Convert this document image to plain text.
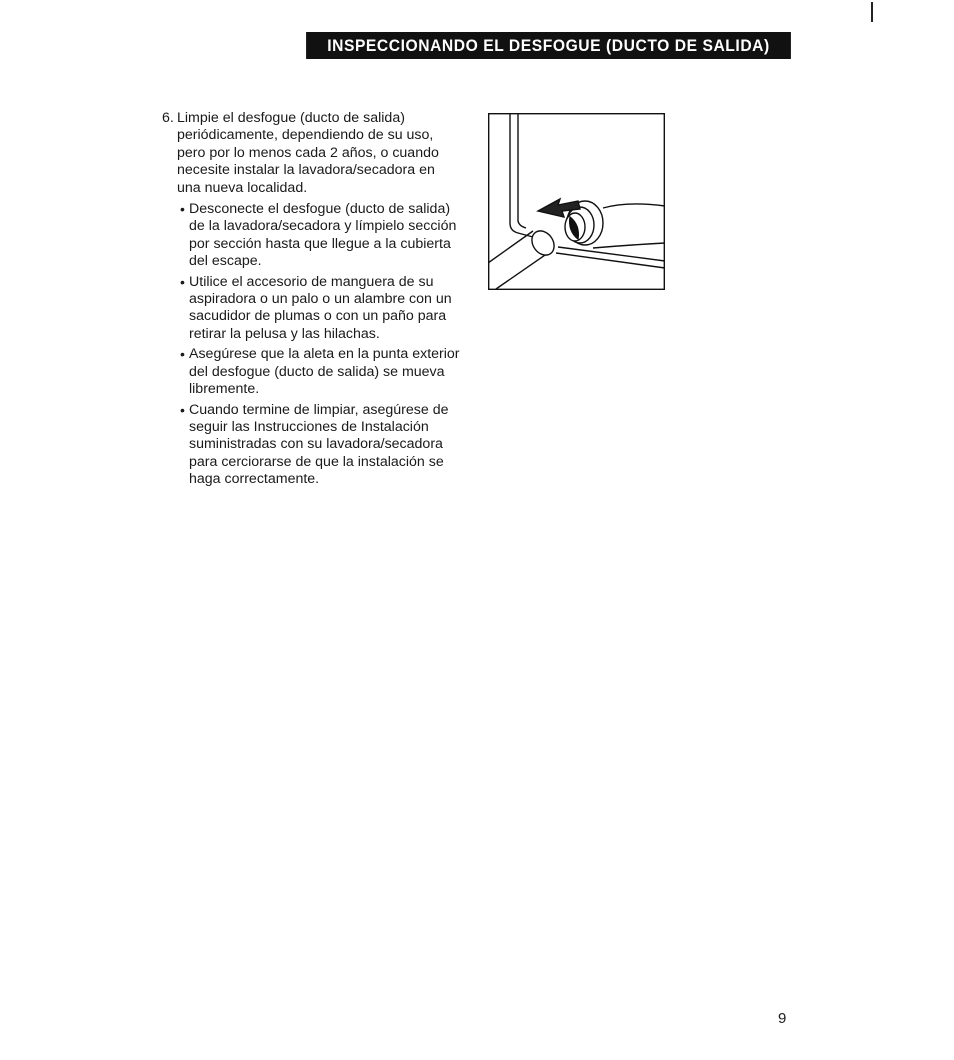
INSPECCIONANDO EL DESFOGUE (DUCTO DE SALIDA)
6. Limpie el desfogue (ducto de salida) periódicamente, dependiendo de su uso, pero por lo menos cada 2 años, o cuando necesite instalar la lavadora/secadora en una nueva localidad.
• Desconecte el desfogue (ducto de salida) de la lavadora/secadora y límpielo sección por sección hasta que llegue a la cubierta del escape.
• Utilice el accesorio de manguera de su aspiradora o un palo o un alambre con un sacudidor de plumas o con un paño para retirar la pelusa y las hilachas.
• Asegúrese que la aleta en la punta exterior del desfogue (ducto de salida) se mueva libremente.
• Cuando termine de limpiar, asegúrese de seguir las Instrucciones de Instalación suministradas con su lavadora/secadora para cerciorarse de que la instalación se haga correctamente.
9
